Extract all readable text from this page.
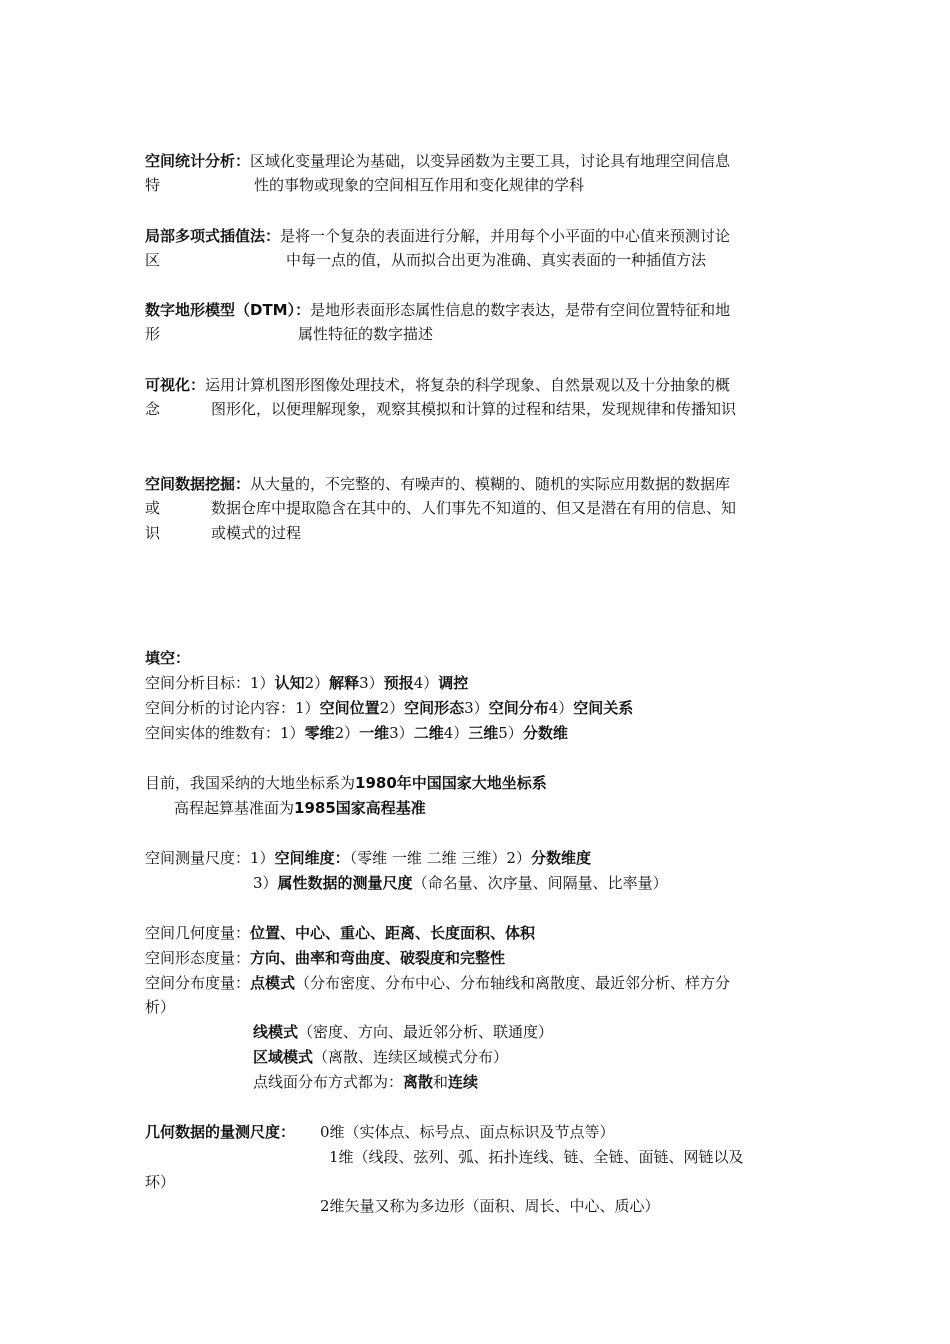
空间统计分析：区域化变量理论为基础，以变异函数为主要工具，讨论具有地理空间信息
特	性的事物或现象的空间相互作用和变化规律的学科
局部多项式插值法：是将一个复杂的表面进行分解，并用每个小平面的中心值来预测讨论
区	中每一点的值，从而拟合出更为准确、真实表面的一种插值方法
数字地形模型（DTM）：是地形表面形态属性信息的数字表达，是带有空间位置特征和地
形	属性特征的数字描述
可视化：运用计算机图形图像处理技术，将复杂的科学现象、自然景观以及十分抽象的概
念	图形化，以便理解现象，观察其模拟和计算的过程和结果，发现规律和传播知识
空间数据挖掘：从大量的，不完整的、有噪声的、模糊的、随机的实际应用数据的数据库
或	数据仓库中提取隐含在其中的、人们事先不知道的、但又是潜在有用的信息、知
识	或模式的过程
填空：
空间分析目标：1）认知2）解释3）预报4）调控
空间分析的讨论内容：1）空间位置2）空间形态3）空间分布4）空间关系
空间实体的维数有：1）零维2）一维3）二维4）三维5）分数维
目前，我国采纳的大地坐标系为1980年中国国家大地坐标系
高程起算基准面为1985国家高程基准
空间测量尺度：1）空间维度：（零维 一维 二维 三维）2）分数维度
3）属性数据的测量尺度（命名量、次序量、间隔量、比率量）
空间几何度量：位置、中心、重心、距离、长度面积、体积
空间形态度量：方向、曲率和弯曲度、破裂度和完整性
空间分布度量：点模式（分布密度、分布中心、分布轴线和离散度、最近邻分析、样方分
析）
线模式（密度、方向、最近邻分析、联通度）
区域模式（离散、连续区域模式分布）
点线面分布方式都为：离散和连续
几何数据的量测尺度： 0维（实体点、标号点、面点标识及节点等）
1维（线段、弦列、弧、拓扑连线、链、全链、面链、网链以及
环）
2维矢量又称为多边形（面积、周长、中心、质心）
